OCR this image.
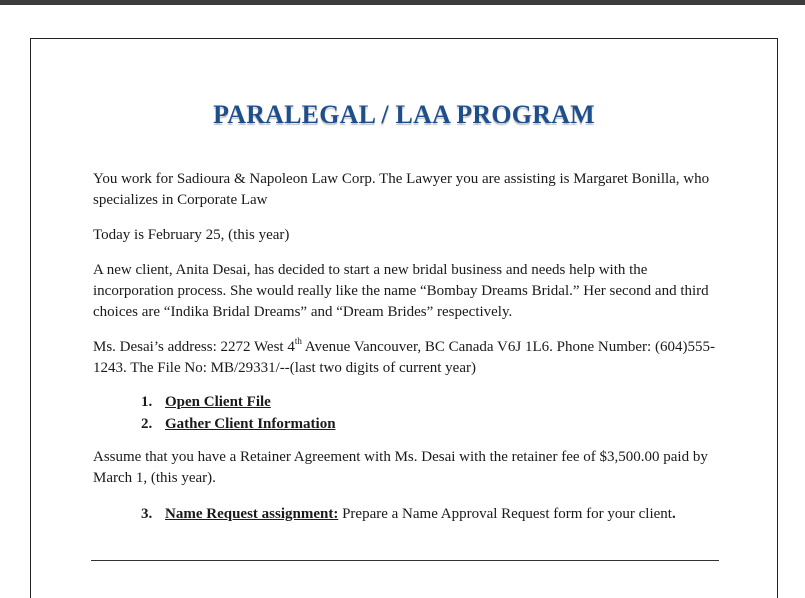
PARALEGAL / LAA PROGRAM

You work for Sadioura & Napoleon Law Corp. The Lawyer you are assisting is Margaret Bonilla, who specializes in Corporate Law

Today is February 25, (this year)

A new client, Anita Desai, has decided to start a new bridal business and needs help with the incorporation process. She would really like the name “Bombay Dreams Bridal.” Her second and third choices are “Indika Bridal Dreams” and “Dream Brides” respectively.

Ms. Desai’s address: 2272 West 4th Avenue Vancouver, BC Canada V6J 1L6. Phone Number: (604)555-1243. The File No: MB/29331/--(last two digits of current year)

1. Open Client File
2. Gather Client Information

Assume that you have a Retainer Agreement with Ms. Desai with the retainer fee of $3,500.00 paid by March 1, (this year).

3. Name Request assignment: Prepare a Name Approval Request form for your client.
